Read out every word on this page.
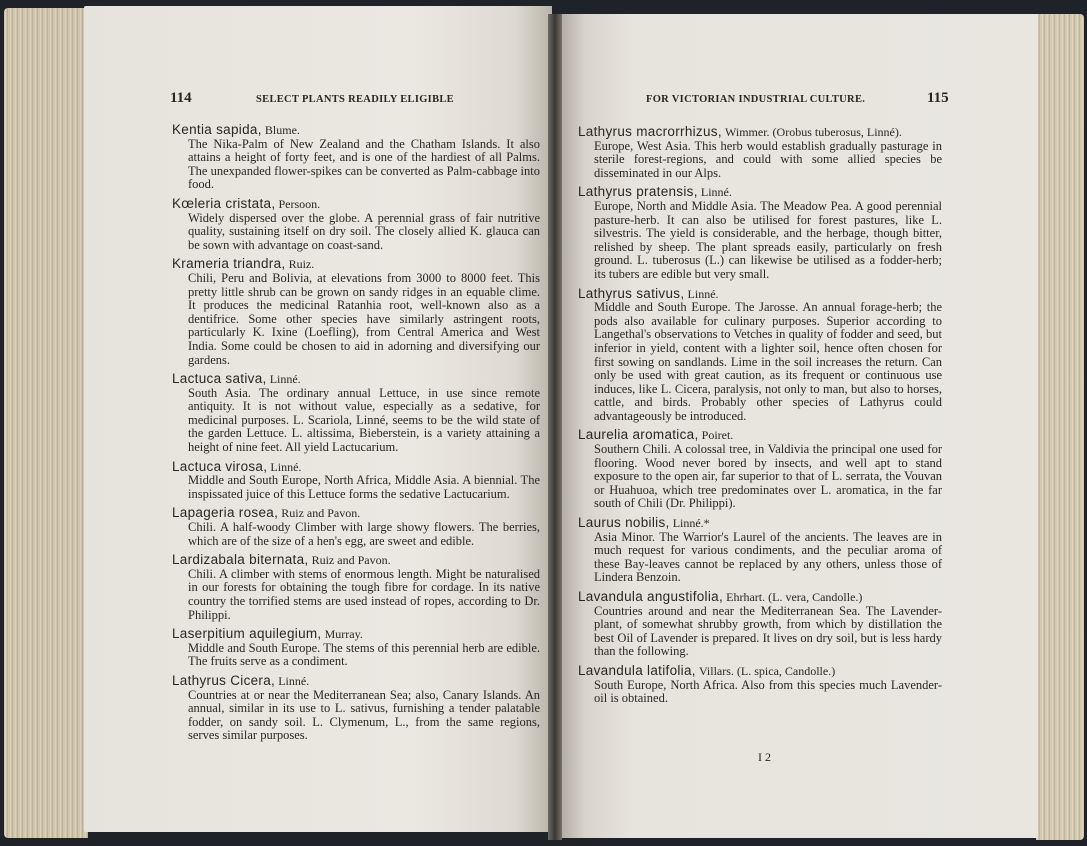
114	SELECT PLANTS READILY ELIGIBLE	FOR VICTORIAN INDUSTRIAL CULTURE.	115
Kentia sapida, Blume.
The Nika-Palm of New Zealand and the Chatham Islands. It also attains a height of forty feet, and is one of the hardiest of all Palms. The unexpanded flower-spikes can be converted as Palm-cabbage into food.
Kœleria cristata, Persoon.
Widely dispersed over the globe. A perennial grass of fair nutritive quality, sustaining itself on dry soil. The closely allied K. glauca can be sown with advantage on coast-sand.
Krameria triandra, Ruiz.
Chili, Peru and Bolivia, at elevations from 3000 to 8000 feet. This pretty little shrub can be grown on sandy ridges in an equable clime. It produces the medicinal Ratanhia root, well-known also as a dentifrice. Some other species have similarly astringent roots, particularly K. Ixine (Loefling), from Central America and West India. Some could be chosen to aid in adorning and diversifying our gardens.
Lactuca sativa, Linné.
South Asia. The ordinary annual Lettuce, in use since remote antiquity. It is not without value, especially as a sedative, for medicinal purposes. L. Scariola, Linné, seems to be the wild state of the garden Lettuce. L. altissima, Bieberstein, is a variety attaining a height of nine feet. All yield Lactucarium.
Lactuca virosa, Linné.
Middle and South Europe, North Africa, Middle Asia. A biennial. The inspissated juice of this Lettuce forms the sedative Lactucarium.
Lapageria rosea, Ruiz and Pavon.
Chili. A half-woody Climber with large showy flowers. The berries, which are of the size of a hen's egg, are sweet and edible.
Lardizabala biternata, Ruiz and Pavon.
Chili. A climber with stems of enormous length. Might be naturalised in our forests for obtaining the tough fibre for cordage. In its native country the torrified stems are used instead of ropes, according to Dr. Philippi.
Laserpitium aquilegium, Murray.
Middle and South Europe. The stems of this perennial herb are edible. The fruits serve as a condiment.
Lathyrus Cicera, Linné.
Countries at or near the Mediterranean Sea; also, Canary Islands. An annual, similar in its use to L. sativus, furnishing a tender palatable fodder, on sandy soil. L. Clymenum, L., from the same regions, serves similar purposes.
Lathyrus macrorrhizus, Wimmer. (Orobus tuberosus, Linné).
Europe, West Asia. This herb would establish gradually pasturage in sterile forest-regions, and could with some allied species be disseminated in our Alps.
Lathyrus pratensis, Linné.
Europe, North and Middle Asia. The Meadow Pea. A good perennial pasture-herb. It can also be utilised for forest pastures, like L. silvestris. The yield is considerable, and the herbage, though bitter, relished by sheep. The plant spreads easily, particularly on fresh ground. L. tuberosus (L.) can likewise be utilised as a fodder-herb; its tubers are edible but very small.
Lathyrus sativus, Linné.
Middle and South Europe. The Jarosse. An annual forage-herb; the pods also available for culinary purposes. Superior according to Langethal's observations to Vetches in quality of fodder and seed, but inferior in yield, content with a lighter soil, hence often chosen for first sowing on sandlands. Lime in the soil increases the return. Can only be used with great caution, as its frequent or continuous use induces, like L. Cicera, paralysis, not only to man, but also to horses, cattle, and birds. Probably other species of Lathyrus could advantageously be introduced.
Laurelia aromatica, Poiret.
Southern Chili. A colossal tree, in Valdivia the principal one used for flooring. Wood never bored by insects, and well apt to stand exposure to the open air, far superior to that of L. serrata, the Vouvan or Huahuoa, which tree predominates over L. aromatica, in the far south of Chili (Dr. Philippi).
Laurus nobilis, Linné.*
Asia Minor. The Warrior's Laurel of the ancients. The leaves are in much request for various condiments, and the peculiar aroma of these Bay-leaves cannot be replaced by any others, unless those of Lindera Benzoin.
Lavandula angustifolia, Ehrhart. (L. vera, Candolle.)
Countries around and near the Mediterranean Sea. The Lavender-plant, of somewhat shrubby growth, from which by distillation the best Oil of Lavender is prepared. It lives on dry soil, but is less hardy than the following.
Lavandula latifolia, Villars. (L. spica, Candolle.)
South Europe, North Africa. Also from this species much Lavender-oil is obtained.
I 2
